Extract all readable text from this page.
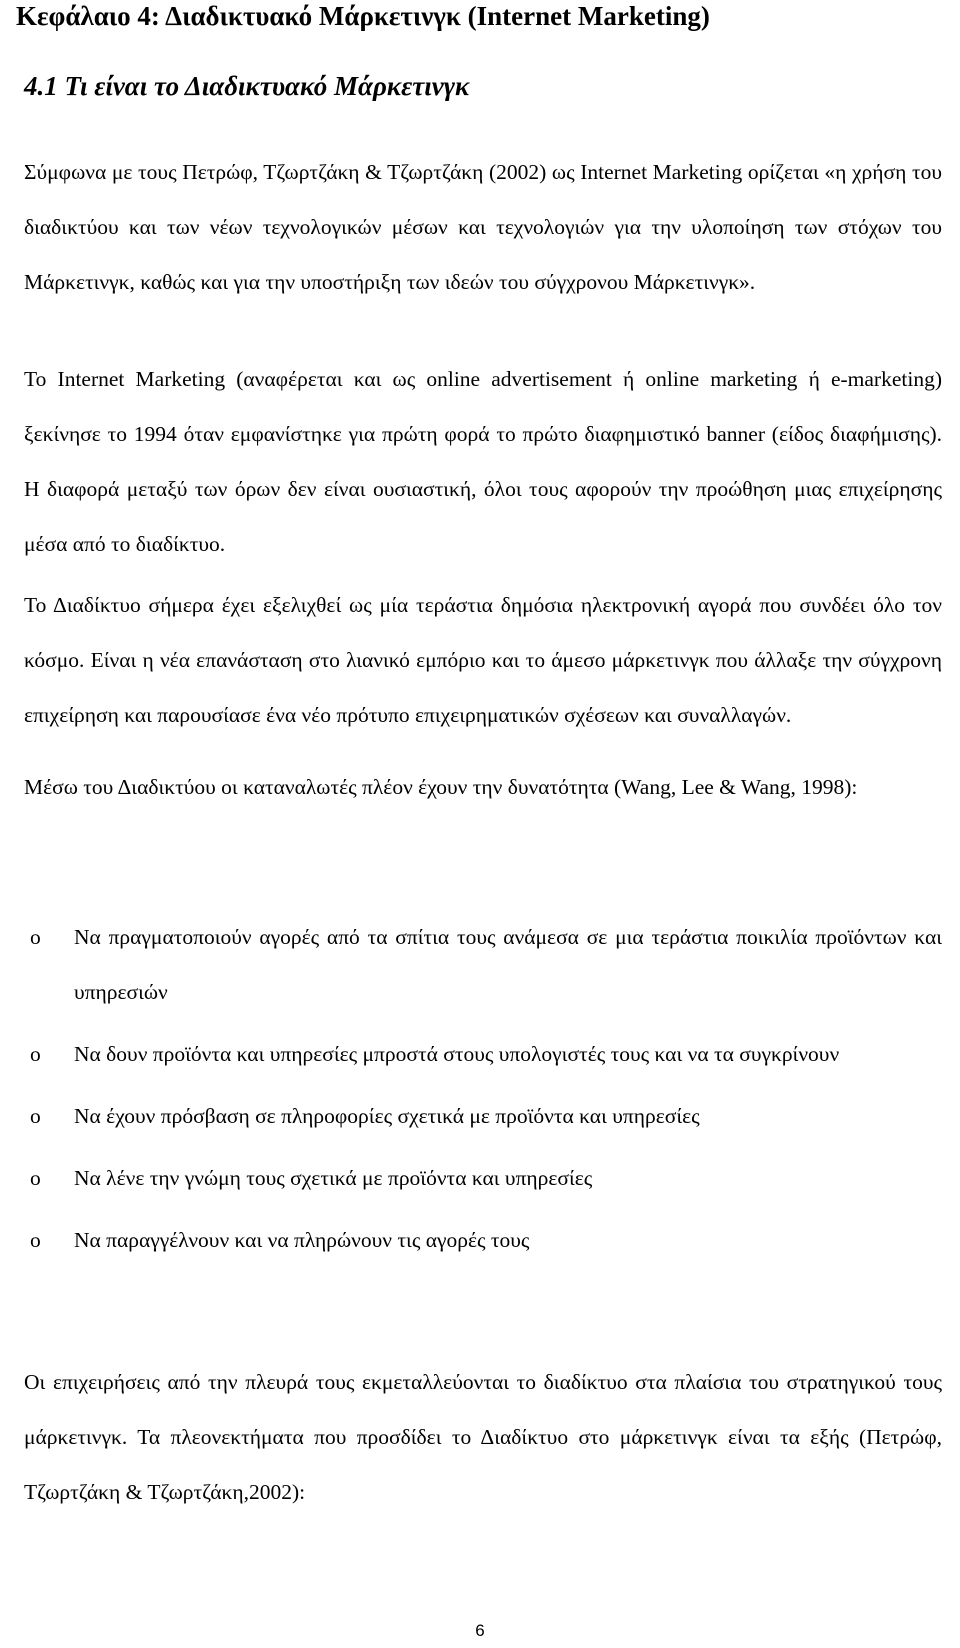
Κεφάλαιο 4: Διαδικτυακό Μάρκετινγκ (Internet Marketing)
4.1 Τι είναι το Διαδικτυακό Μάρκετινγκ

Σύμφωνα με τους Πετρώφ, Τζωρτζάκη & Τζωρτζάκη (2002) ως Internet Marketing ορίζεται «η χρήση του διαδικτύου και των νέων τεχνολογικών μέσων και τεχνολογιών για την υλοποίηση των στόχων του Μάρκετινγκ, καθώς και για την υποστήριξη των ιδεών του σύγχρονου Μάρκετινγκ».

Το Internet Marketing (αναφέρεται και ως online advertisement ή online marketing ή e-marketing) ξεκίνησε το 1994 όταν εμφανίστηκε για πρώτη φορά το πρώτο διαφημιστικό banner (είδος διαφήμισης). Η διαφορά μεταξύ των όρων δεν είναι ουσιαστική, όλοι τους αφορούν την προώθηση μιας επιχείρησης μέσα από το διαδίκτυο.

Το Διαδίκτυο σήμερα έχει εξελιχθεί ως μία τεράστια δημόσια ηλεκτρονική αγορά που συνδέει όλο τον κόσμο. Είναι η νέα επανάσταση στο λιανικό εμπόριο και το άμεσο μάρκετινγκ που άλλαξε την σύγχρονη επιχείρηση και παρουσίασε ένα νέο πρότυπο επιχειρηματικών σχέσεων και συναλλαγών.

Μέσω του Διαδικτύου οι καταναλωτές πλέον έχουν την δυνατότητα (Wang, Lee & Wang, 1998):

o Να πραγματοποιούν αγορές από τα σπίτια τους ανάμεσα σε μια τεράστια ποικιλία προϊόντων και υπηρεσιών
o Να δουν προϊόντα και υπηρεσίες μπροστά στους υπολογιστές τους και να τα συγκρίνουν
o Να έχουν πρόσβαση σε πληροφορίες σχετικά με προϊόντα και υπηρεσίες
o Να λένε την γνώμη τους σχετικά με προϊόντα και υπηρεσίες
o Να παραγγέλνουν και να πληρώνουν τις αγορές τους

Οι επιχειρήσεις από την πλευρά τους εκμεταλλεύονται το διαδίκτυο στα πλαίσια του στρατηγικού τους μάρκετινγκ. Τα πλεονεκτήματα που προσδίδει το Διαδίκτυο στο μάρκετινγκ είναι τα εξής (Πετρώφ, Τζωρτζάκη & Τζωρτζάκη,2002):

6
